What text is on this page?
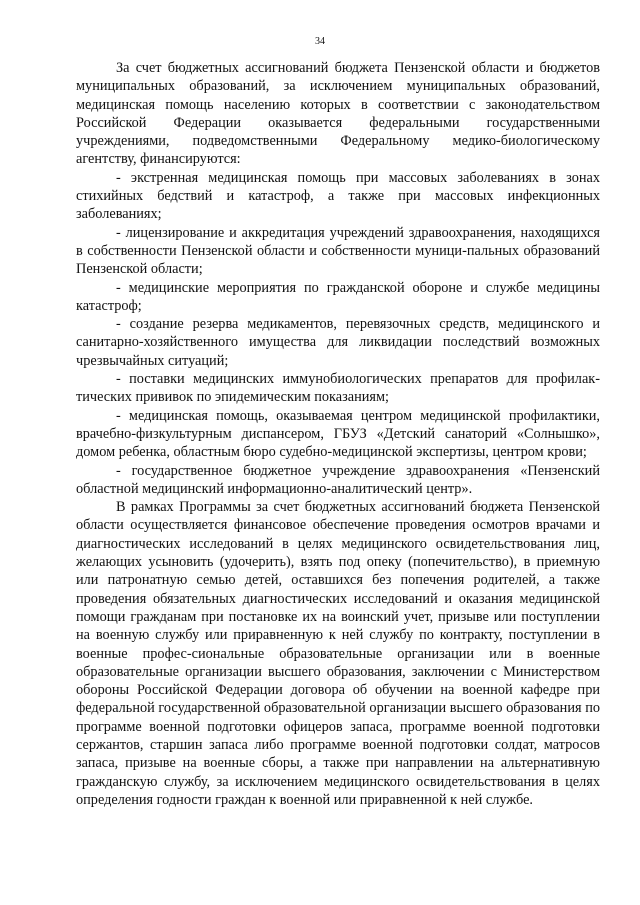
34

За счет бюджетных ассигнований бюджета Пензенской области и бюджетов муниципальных образований, за исключением муниципальных образований, медицинская помощь населению которых в соответствии с законодательством Российской Федерации оказывается федеральными государственными учреждениями, подведомственными Федеральному медико-биологическому агентству, финансируются:

- экстренная медицинская помощь при массовых заболеваниях в зонах стихийных бедствий и катастроф, а также при массовых инфекционных заболеваниях;

- лицензирование и аккредитация учреждений здравоохранения, находящихся в собственности Пензенской области и собственности муници-пальных образований Пензенской области;

- медицинские мероприятия по гражданской обороне и службе медицины катастроф;

- создание резерва медикаментов, перевязочных средств, медицинского и санитарно-хозяйственного имущества для ликвидации последствий возможных чрезвычайных ситуаций;

- поставки медицинских иммунобиологических препаратов для профилак-тических прививок по эпидемическим показаниям;

- медицинская помощь, оказываемая центром медицинской профилактики, врачебно-физкультурным диспансером, ГБУЗ «Детский санаторий «Солнышко», домом ребенка, областным бюро судебно-медицинской экспертизы, центром крови;

- государственное бюджетное учреждение здравоохранения «Пензенский областной медицинский информационно-аналитический центр».

В рамках Программы за счет бюджетных ассигнований бюджета Пензенской области осуществляется финансовое обеспечение проведения осмотров врачами и диагностических исследований в целях медицинского освидетельствования лиц, желающих усыновить (удочерить), взять под опеку (попечительство), в приемную или патронатную семью детей, оставшихся без попечения родителей, а также проведения обязательных диагностических исследований и оказания медицинской помощи гражданам при постановке их на воинский учет, призыве или поступлении на военную службу или приравненную к ней службу по контракту, поступлении в военные профес-сиональные образовательные организации или в военные образовательные организации высшего образования, заключении с Министерством обороны Российской Федерации договора об обучении на военной кафедре при федеральной государственной образовательной организации высшего образования по программе военной подготовки офицеров запаса, программе военной подготовки сержантов, старшин запаса либо программе военной подготовки солдат, матросов запаса, призыве на военные сборы, а также при направлении на альтернативную гражданскую службу, за исключением медицинского освидетельствования в целях определения годности граждан к военной или приравненной к ней службе.
